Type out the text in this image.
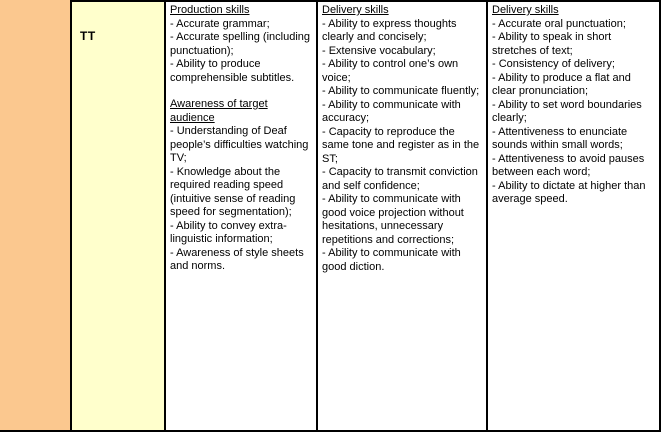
TT
Production skills
- Accurate grammar;
- Accurate spelling (including punctuation);
- Ability to produce comprehensible subtitles.
Awareness of target audience
- Understanding of Deaf people’s difficulties watching TV;
- Knowledge about the required reading speed (intuitive sense of reading speed for segmentation);
- Ability to convey extra-linguistic information;
- Awareness of style sheets and norms.
Delivery skills
- Ability to express thoughts clearly and concisely;
- Extensive vocabulary;
- Ability to control one’s own voice;
- Ability to communicate fluently;
- Ability to communicate with accuracy;
- Capacity to reproduce the same tone and register as in the ST;
- Capacity to transmit conviction and self confidence;
- Ability to communicate with good voice projection without hesitations, unnecessary repetitions and corrections;
- Ability to communicate with good diction.
Delivery skills
- Accurate oral punctuation;
- Ability to speak in short stretches of text;
- Consistency of delivery;
- Ability to produce a flat and clear pronunciation;
- Ability to set word boundaries clearly;
- Attentiveness to enunciate sounds within small words;
- Attentiveness to avoid pauses between each word;
- Ability to dictate at higher than average speed.
